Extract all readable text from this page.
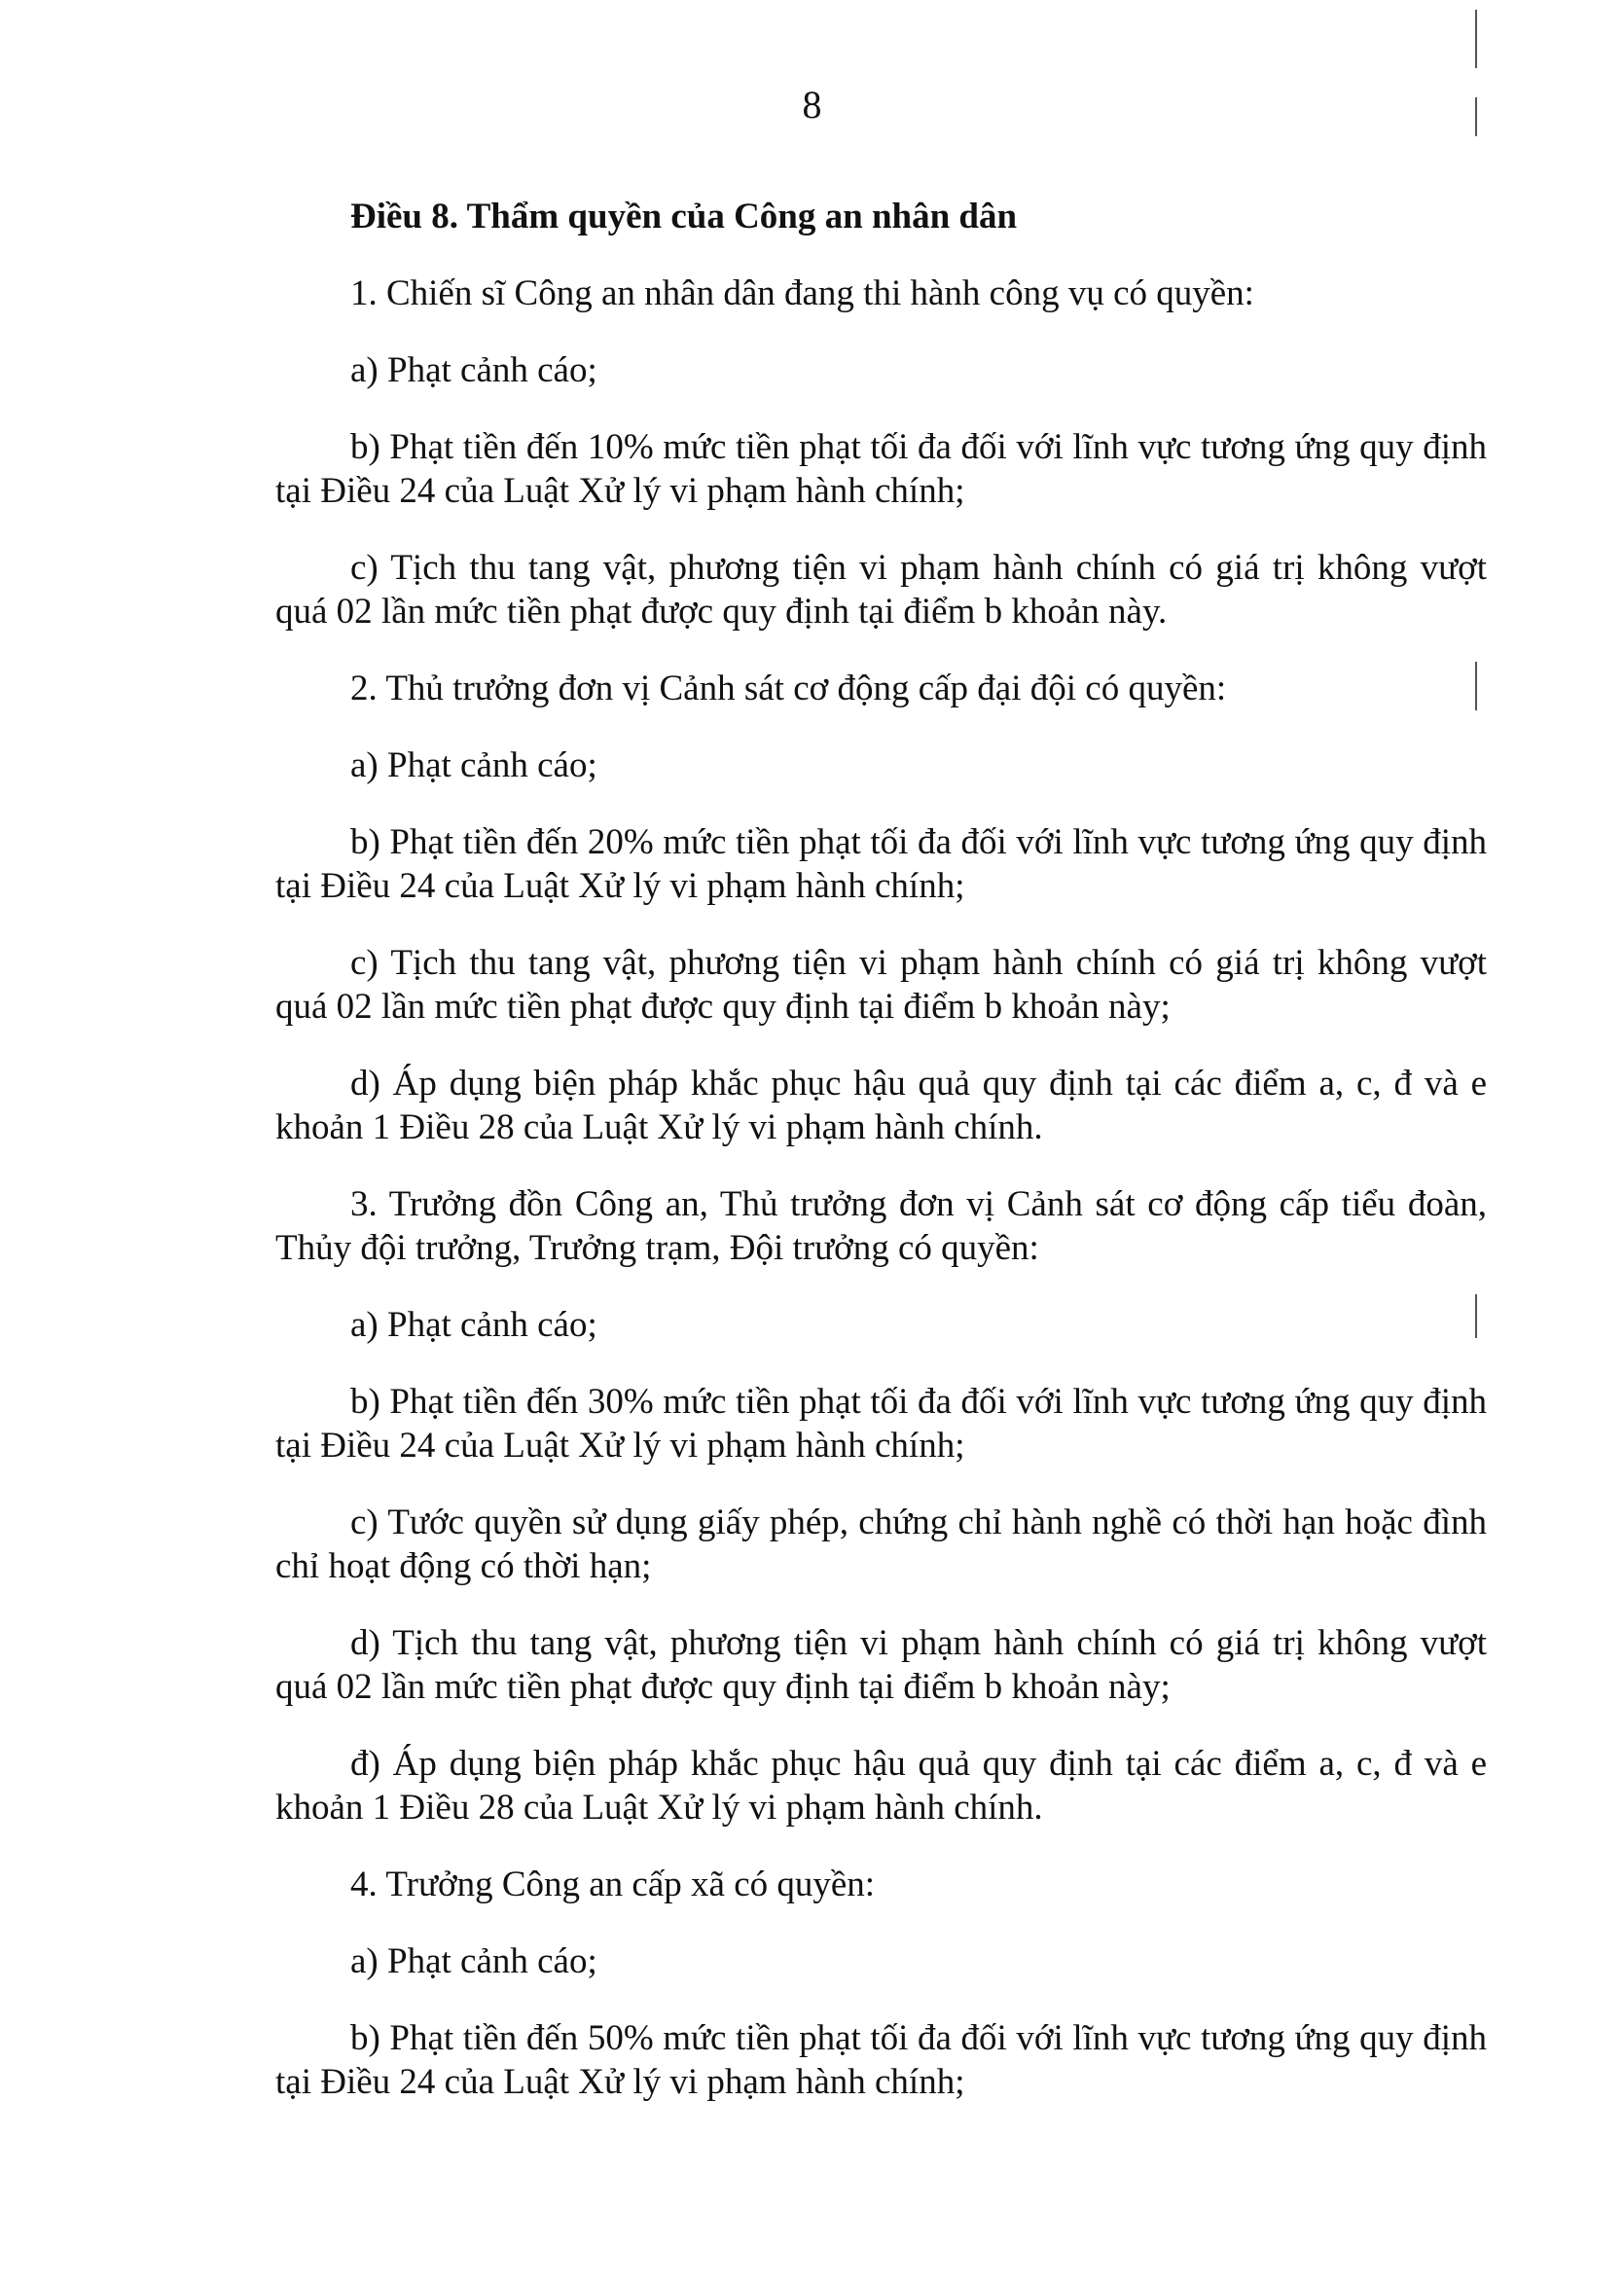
8

Điều 8. Thẩm quyền của Công an nhân dân

1. Chiến sĩ Công an nhân dân đang thi hành công vụ có quyền:

a) Phạt cảnh cáo;

b) Phạt tiền đến 10% mức tiền phạt tối đa đối với lĩnh vực tương ứng quy định tại Điều 24 của Luật Xử lý vi phạm hành chính;

c) Tịch thu tang vật, phương tiện vi phạm hành chính có giá trị không vượt quá 02 lần mức tiền phạt được quy định tại điểm b khoản này.

2. Thủ trưởng đơn vị Cảnh sát cơ động cấp đại đội có quyền:

a) Phạt cảnh cáo;

b) Phạt tiền đến 20% mức tiền phạt tối đa đối với lĩnh vực tương ứng quy định tại Điều 24 của Luật Xử lý vi phạm hành chính;

c) Tịch thu tang vật, phương tiện vi phạm hành chính có giá trị không vượt quá 02 lần mức tiền phạt được quy định tại điểm b khoản này;

d) Áp dụng biện pháp khắc phục hậu quả quy định tại các điểm a, c, đ và e khoản 1 Điều 28 của Luật Xử lý vi phạm hành chính.

3. Trưởng đồn Công an, Thủ trưởng đơn vị Cảnh sát cơ động cấp tiểu đoàn, Thủy đội trưởng, Trưởng trạm, Đội trưởng có quyền:

a) Phạt cảnh cáo;

b) Phạt tiền đến 30% mức tiền phạt tối đa đối với lĩnh vực tương ứng quy định tại Điều 24 của Luật Xử lý vi phạm hành chính;

c) Tước quyền sử dụng giấy phép, chứng chỉ hành nghề có thời hạn hoặc đình chỉ hoạt động có thời hạn;

d) Tịch thu tang vật, phương tiện vi phạm hành chính có giá trị không vượt quá 02 lần mức tiền phạt được quy định tại điểm b khoản này;

đ) Áp dụng biện pháp khắc phục hậu quả quy định tại các điểm a, c, đ và e khoản 1 Điều 28 của Luật Xử lý vi phạm hành chính.

4. Trưởng Công an cấp xã có quyền:

a) Phạt cảnh cáo;

b) Phạt tiền đến 50% mức tiền phạt tối đa đối với lĩnh vực tương ứng quy định tại Điều 24 của Luật Xử lý vi phạm hành chính;
